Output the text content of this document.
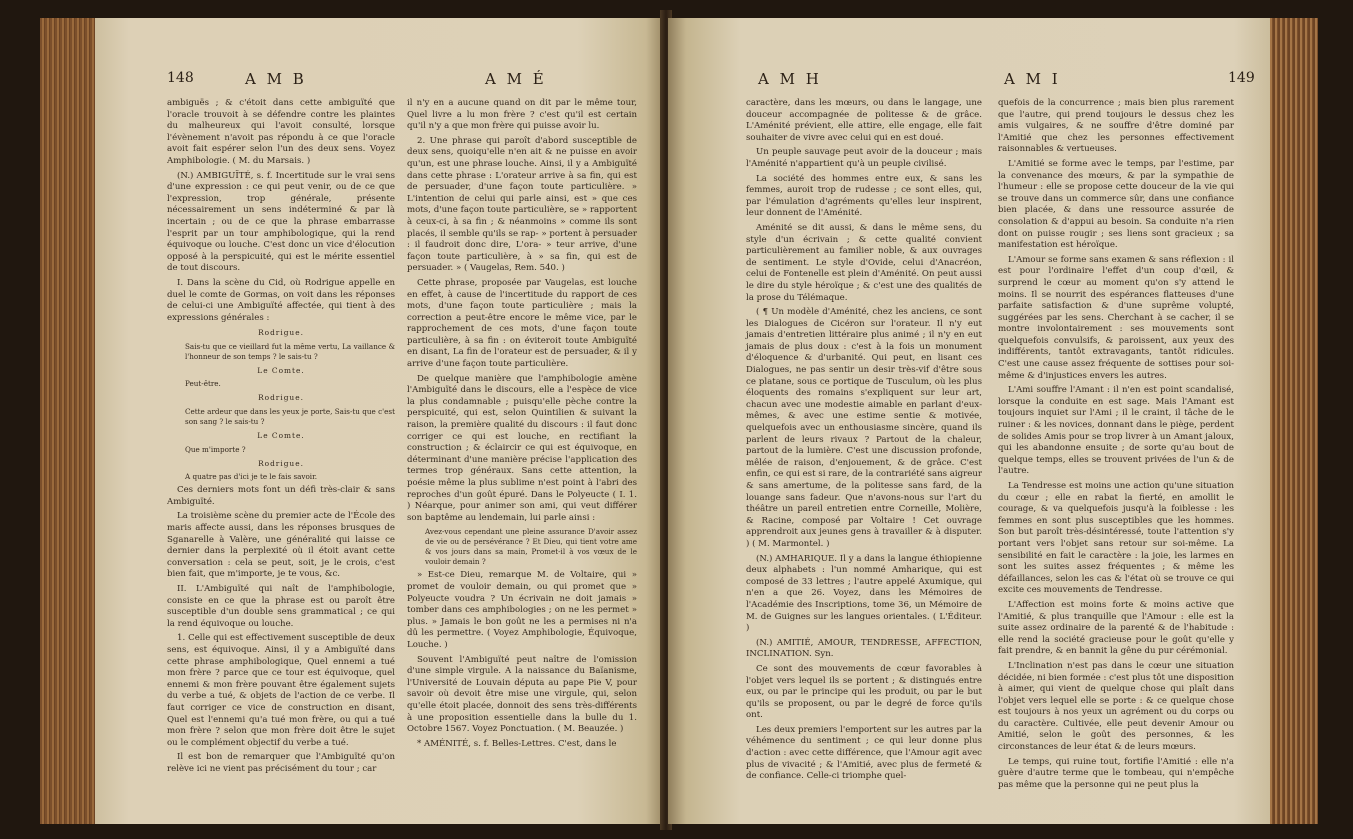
148	A M B	A M É

ambiguës ; & c'étoit dans cette ambiguïté que l'oracle trouvoit à se défendre contre les plaintes du malheureux qui l'avoit consulté, lorsque l'évènement n'avoit pas répondu à ce que l'oracle avoit fait espérer selon l'un des deux sens. Voyez Amphibologie. ( M. du Marsais. )

(N.) AMBIGUÏTÉ, s. f. Incertitude sur le vrai sens d'une expression : ce qui peut venir, ou de ce que l'expression, trop générale, présente nécessairement un sens indéterminé & par là incertain ; ou de ce que la phrase embarrasse l'esprit par un tour amphibologique, qui la rend équivoque ou louche. C'est donc un vice d'élocution opposé à la perspicuité, qui est le mérite essentiel de tout discours.

I. Dans la scène du Cid, où Rodrigue appelle en duel le comte de Gormas, on voit dans les réponses de celui-ci une Ambiguïté affectée, qui tient à des expressions générales :

Rodrigue.

Sais-tu que ce vieillard fut la même vertu, La vaillance & l'honneur de son temps ? le sais-tu ?

Le Comte.

Peut-être.

Rodrigue.

Cette ardeur que dans les yeux je porte, Sais-tu que c'est son sang ? le sais-tu ?

Le Comte.

Que m'importe ?

Rodrigue.

A quatre pas d'ici je te le fais savoir.

Ces derniers mots font un défi très-clair & sans Ambiguïté.

La troisième scène du premier acte de l'École des maris affecte aussi, dans les réponses brusques de Sganarelle à Valère, une généralité qui laisse ce dernier dans la perplexité où il étoit avant cette conversation : cela se peut, soit, je le crois, c'est bien fait, que m'importe, je te vous, &c.

II. L'Ambiguïté qui naît de l'amphibologie, consiste en ce que la phrase est ou paroît être susceptible d'un double sens grammatical ; ce qui la rend équivoque ou louche.

1. Celle qui est effectivement susceptible de deux sens, est équivoque. Ainsi, il y a Ambiguïté dans cette phrase amphibologique, Quel ennemi a tué mon frère ? parce que ce tour est équivoque, quel ennemi & mon frère pouvant être également sujets du verbe a tué, & objets de l'action de ce verbe. Il faut corriger ce vice de construction en disant, Quel est l'ennemi qu'a tué mon frère, ou qui a tué mon frère ? selon que mon frère doit être le sujet ou le complément objectif du verbe a tué.

Il est bon de remarquer que l'Ambiguïté qu'on relève ici ne vient pas précisément du tour ; car

il n'y en a aucune quand on dit par le même tour, Quel livre a lu mon frère ? c'est qu'il est certain qu'il n'y a que mon frère qui puisse avoir lu.

2. Une phrase qui paroît d'abord susceptible de deux sens, quoiqu'elle n'en ait & ne puisse en avoir qu'un, est une phrase louche. Ainsi, il y a Ambiguïté dans cette phrase : L'orateur arrive à sa fin, qui est de persuader, d'une façon toute particulière. » L'intention de celui qui parle ainsi, est » que ces mots, d'une façon toute particulière, se » rapportent à ceux-ci, à sa fin ; & néanmoins » comme ils sont placés, il semble qu'ils se rap- » portent à persuader : il faudroit donc dire, L'ora- » teur arrive, d'une façon toute particulière, à » sa fin, qui est de persuader. » ( Vaugelas, Rem. 540. )

Cette phrase, proposée par Vaugelas, est louche en effet, à cause de l'incertitude du rapport de ces mots, d'une façon toute particulière ; mais la correction a peut-être encore le même vice, par le rapprochement de ces mots, d'une façon toute particulière, à sa fin : on éviteroit toute Ambiguïté en disant, La fin de l'orateur est de persuader, & il y arrive d'une façon toute particulière.

De quelque manière que l'amphibologie amène l'Ambiguïté dans le discours, elle a l'espèce de vice la plus condamnable ; puisqu'elle pèche contre la perspicuité, qui est, selon Quintilien & suivant la raison, la première qualité du discours : il faut donc corriger ce qui est louche, en rectifiant la construction ; & éclaircir ce qui est équivoque, en déterminant d'une manière précise l'application des termes trop généraux. Sans cette attention, la poésie même la plus sublime n'est point à l'abri des reproches d'un goût épuré. Dans le Polyeucte ( I. 1. ) Néarque, pour animer son ami, qui veut différer son baptême au lendemain, lui parle ainsi :

Avez-vous cependant une pleine assurance D'avoir assez de vie ou de persévérance ? Et Dieu, qui tient votre ame & vos jours dans sa main, Promet-il à vos vœux de le vouloir demain ?

» Est-ce Dieu, remarque M. de Voltaire, qui » promet de vouloir demain, ou qui promet que » Polyeucte voudra ? Un écrivain ne doit jamais » tomber dans ces amphibologies ; on ne les permet » plus. » Jamais le bon goût ne les a permises ni n'a dû les permettre. ( Voyez Amphibologie, Équivoque, Louche. )

Souvent l'Ambiguïté peut naître de l'omission d'une simple virgule. A la naissance du Baïanisme, l'Université de Louvain députa au pape Pie V, pour savoir où devoit être mise une virgule, qui, selon qu'elle étoit placée, donnoit des sens très-différents à une proposition essentielle dans la bulle du 1. Octobre 1567. Voyez Ponctuation. ( M. Beauzée. )

* AMÉNITÉ, s. f. Belles-Lettres. C'est, dans le

A M H	A M I	149

caractère, dans les mœurs, ou dans le langage, une douceur accompagnée de politesse & de grâce. L'Aménité prévient, elle attire, elle engage, elle fait souhaiter de vivre avec celui qui en est doué.

Un peuple sauvage peut avoir de la douceur ; mais l'Aménité n'appartient qu'à un peuple civilisé.

La société des hommes entre eux, & sans les femmes, auroit trop de rudesse ; ce sont elles, qui, par l'émulation d'agréments qu'elles leur inspirent, leur donnent de l'Aménité.

Aménité se dit aussi, & dans le même sens, du style d'un écrivain ; & cette qualité convient particulièrement au familier noble, & aux ouvrages de sentiment. Le style d'Ovide, celui d'Anacréon, celui de Fontenelle est plein d'Aménité. On peut aussi le dire du style héroïque ; & c'est une des qualités de la prose du Télémaque.

( ¶ Un modèle d'Aménité, chez les anciens, ce sont les Dialogues de Cicéron sur l'orateur. Il n'y eut jamais d'entretien littéraire plus animé ; il n'y en eut jamais de plus doux : c'est à la fois un monument d'éloquence & d'urbanité. Qui peut, en lisant ces Dialogues, ne pas sentir un desir très-vif d'être sous ce platane, sous ce portique de Tusculum, où les plus éloquents des romains s'expliquent sur leur art, chacun avec une modestie aimable en parlant d'eux-mêmes, & avec une estime sentie & motivée, quelquefois avec un enthousiasme sincère, quand ils parlent de leurs rivaux ? Partout de la chaleur, partout de la lumière. C'est une discussion profonde, mêlée de raison, d'enjouement, & de grâce. C'est enfin, ce qui est si rare, de la contrariété sans aigreur & sans amertume, de la politesse sans fard, de la louange sans fadeur. Que n'avons-nous sur l'art du théâtre un pareil entretien entre Corneille, Molière, & Racine, composé par Voltaire ! Cet ouvrage apprendroit aux jeunes gens à travailler & à disputer. ) ( M. Marmontel. )

(N.) AMHARIQUE. Il y a dans la langue éthiopienne deux alphabets : l'un nommé Amharique, qui est composé de 33 lettres ; l'autre appelé Axumique, qui n'en a que 26. Voyez, dans les Mémoires de l'Académie des Inscriptions, tome 36, un Mémoire de M. de Guignes sur les langues orientales. ( L'Éditeur. )

(N.) AMITIÉ, AMOUR, TENDRESSE, AFFECTION, INCLINATION. Syn.

Ce sont des mouvements de cœur favorables à l'objet vers lequel ils se portent ; & distingués entre eux, ou par le principe qui les produit, ou par le but qu'ils se proposent, ou par le degré de force qu'ils ont.

Les deux premiers l'emportent sur les autres par la véhémence du sentiment ; ce qui leur donne plus d'action : avec cette différence, que l'Amour agit avec plus de vivacité ; & l'Amitié, avec plus de fermeté & de confiance. Celle-ci triomphe quel-

quefois de la concurrence ; mais bien plus rarement que l'autre, qui prend toujours le dessus chez les amis vulgaires, & ne souffre d'être dominé par l'Amitié que chez les personnes effectivement raisonnables & vertueuses.

L'Amitié se forme avec le temps, par l'estime, par la convenance des mœurs, & par la sympathie de l'humeur : elle se propose cette douceur de la vie qui se trouve dans un commerce sûr, dans une confiance bien placée, & dans une ressource assurée de consolation & d'appui au besoin. Sa conduite n'a rien dont on puisse rougir ; ses liens sont gracieux ; sa manifestation est héroïque.

L'Amour se forme sans examen & sans réflexion : il est pour l'ordinaire l'effet d'un coup d'œil, & surprend le cœur au moment qu'on s'y attend le moins. Il se nourrit des espérances flatteuses d'une parfaite satisfaction & d'une suprême volupté, suggérées par les sens. Cherchant à se cacher, il se montre involontairement : ses mouvements sont quelquefois convulsifs, & paroissent, aux yeux des indifférents, tantôt extravagants, tantôt ridicules. C'est une cause assez fréquente de sottises pour soi-même & d'injustices envers les autres.

L'Ami souffre l'Amant : il n'en est point scandalisé, lorsque la conduite en est sage. Mais l'Amant est toujours inquiet sur l'Ami ; il le craint, il tâche de le ruiner : & les novices, donnant dans le piège, perdent de solides Amis pour se trop livrer à un Amant jaloux, qui les abandonne ensuite ; de sorte qu'au bout de quelque temps, elles se trouvent privées de l'un & de l'autre.

La Tendresse est moins une action qu'une situation du cœur ; elle en rabat la fierté, en amollit le courage, & va quelquefois jusqu'à la foiblesse : les femmes en sont plus susceptibles que les hommes. Son but paroît très-désintéressé, toute l'attention s'y portant vers l'objet sans retour sur soi-même. La sensibilité en fait le caractère : la joie, les larmes en sont les suites assez fréquentes ; & même les défaillances, selon les cas & l'état où se trouve ce qui excite ces mouvements de Tendresse.

L'Affection est moins forte & moins active que l'Amitié, & plus tranquille que l'Amour : elle est la suite assez ordinaire de la parenté & de l'habitude : elle rend la société gracieuse pour le goût qu'elle y fait prendre, & en bannit la gêne du pur cérémonial.

L'Inclination n'est pas dans le cœur une situation décidée, ni bien formée : c'est plus tôt une disposition à aimer, qui vient de quelque chose qui plaît dans l'objet vers lequel elle se porte : & ce quelque chose est toujours à nos yeux un agrément ou du corps ou du caractère. Cultivée, elle peut devenir Amour ou Amitié, selon le goût des personnes, & les circonstances de leur état & de leurs mœurs.

Le temps, qui ruine tout, fortifie l'Amitié : elle n'a guère d'autre terme que le tombeau, qui n'empêche pas même que la personne qui ne peut plus la
